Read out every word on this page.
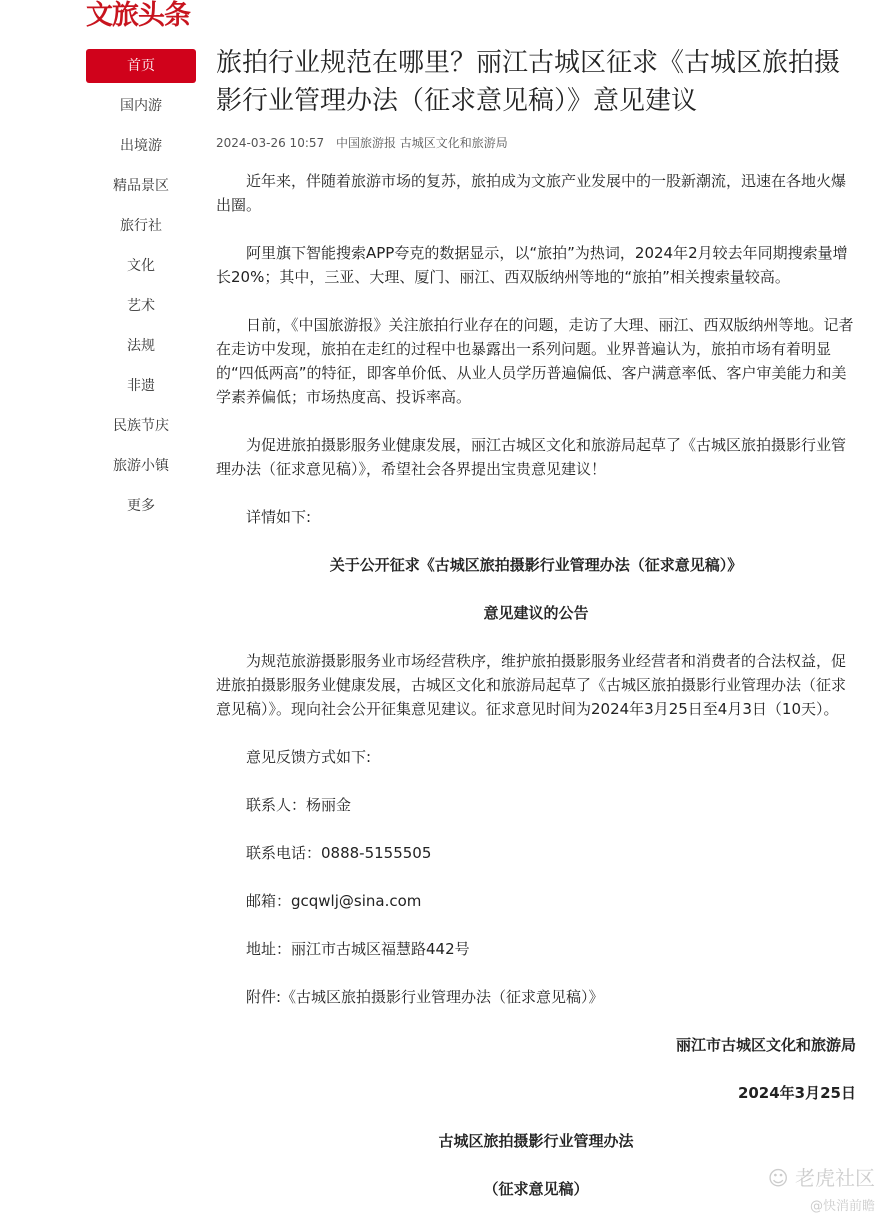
文旅头条
首页
国内游
出境游
精品景区
旅行社
文化
艺术
法规
非遗
民族节庆
旅游小镇
更多
旅拍行业规范在哪里？丽江古城区征求《古城区旅拍摄影行业管理办法（征求意见稿）》意见建议
2024-03-26 10:57 中国旅游报 古城区文化和旅游局

近年来，伴随着旅游市场的复苏，旅拍成为文旅产业发展中的一股新潮流，迅速在各地火爆出圈。

阿里旗下智能搜索APP夸克的数据显示，以“旅拍”为热词，2024年2月较去年同期搜索量增长20%；其中，三亚、大理、厦门、丽江、西双版纳州等地的“旅拍”相关搜索量较高。

日前，《中国旅游报》关注旅拍行业存在的问题，走访了大理、丽江、西双版纳州等地。记者在走访中发现，旅拍在走红的过程中也暴露出一系列问题。业界普遍认为，旅拍市场有着明显的“四低两高”的特征，即客单价低、从业人员学历普遍偏低、客户满意率低、客户审美能力和美学素养偏低；市场热度高、投诉率高。

为促进旅拍摄影服务业健康发展，丽江古城区文化和旅游局起草了《古城区旅拍摄影行业管理办法（征求意见稿）》，希望社会各界提出宝贵意见建议！

详情如下:

关于公开征求《古城区旅拍摄影行业管理办法（征求意见稿）》

意见建议的公告

为规范旅游摄影服务业市场经营秩序，维护旅拍摄影服务业经营者和消费者的合法权益，促进旅拍摄影服务业健康发展，古城区文化和旅游局起草了《古城区旅拍摄影行业管理办法（征求意见稿）》。现向社会公开征集意见建议。征求意见时间为2024年3月25日至4月3日（10天）。

意见反馈方式如下:

联系人：杨丽金

联系电话：0888-5155505

邮箱：gcqwlj@sina.com

地址：丽江市古城区福慧路442号

附件:《古城区旅拍摄影行业管理办法（征求意见稿）》

丽江市古城区文化和旅游局

2024年3月25日

古城区旅拍摄影行业管理办法

（征求意见稿）	☺ 老虎社区
@快消前瞻
